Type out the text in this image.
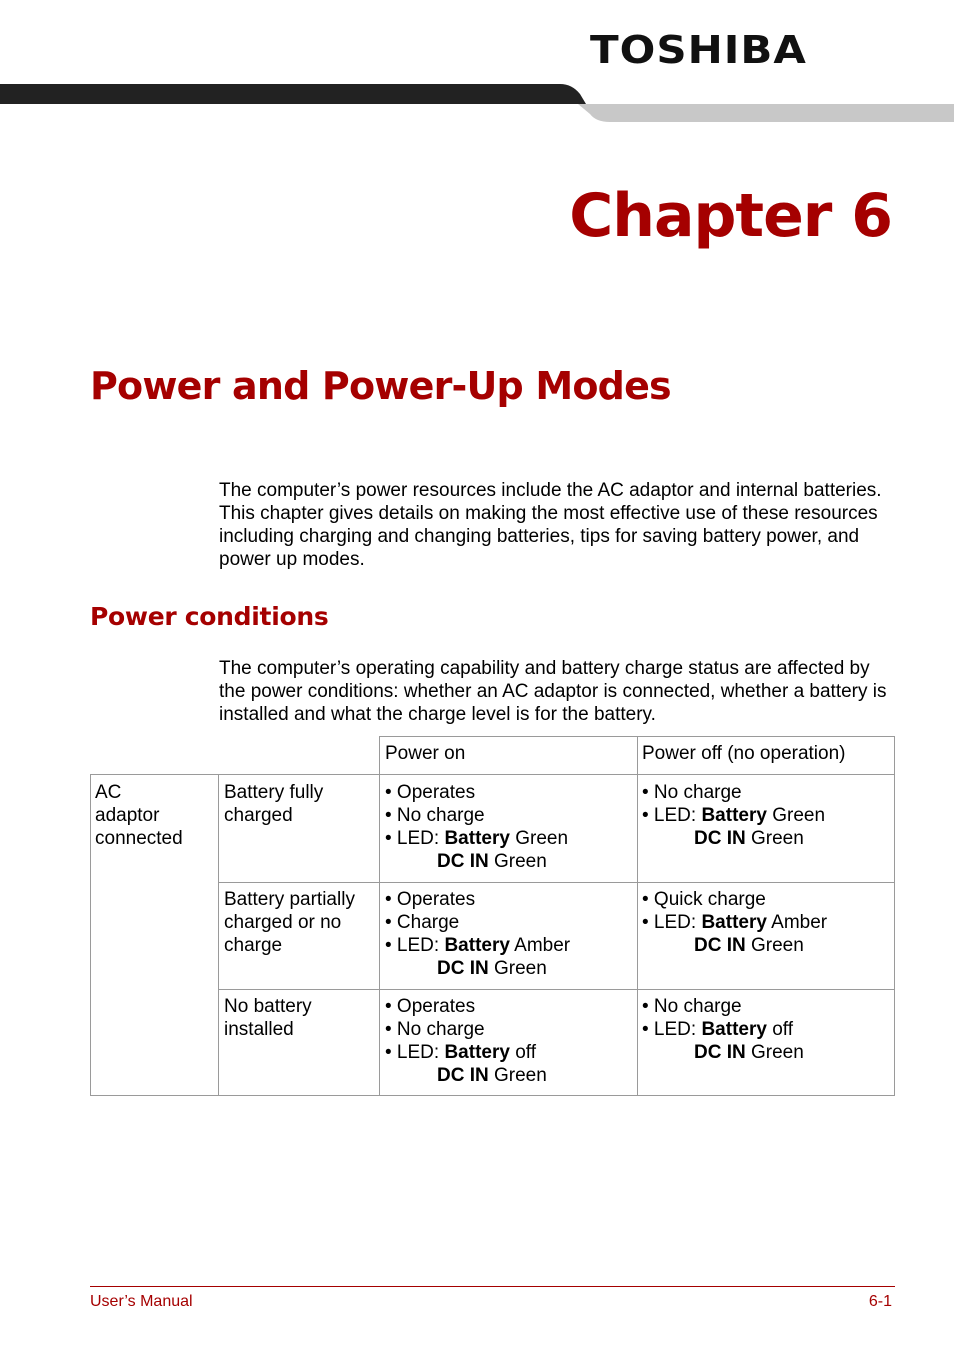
TOSHIBA
Chapter 6
Power and Power-Up Modes
The computer’s power resources include the AC adaptor and internal batteries. This chapter gives details on making the most effective use of these resources including charging and changing batteries, tips for saving battery power, and power up modes.
Power conditions
The computer’s operating capability and battery charge status are affected by the power conditions: whether an AC adaptor is connected, whether a battery is installed and what the charge level is for the battery.
Power on	Power off (no operation)
AC
adaptor
connected
Battery fully
charged
• Operates
• No charge
• LED: Battery Green
DC IN Green
• No charge
• LED: Battery Green
DC IN Green
Battery partially
charged or no
charge
• Operates
• Charge
• LED: Battery Amber
DC IN Green
• Quick charge
• LED: Battery Amber
DC IN Green
No battery
installed
• Operates
• No charge
• LED: Battery off
DC IN Green
• No charge
• LED: Battery off
DC IN Green
User’s Manual	6-1
